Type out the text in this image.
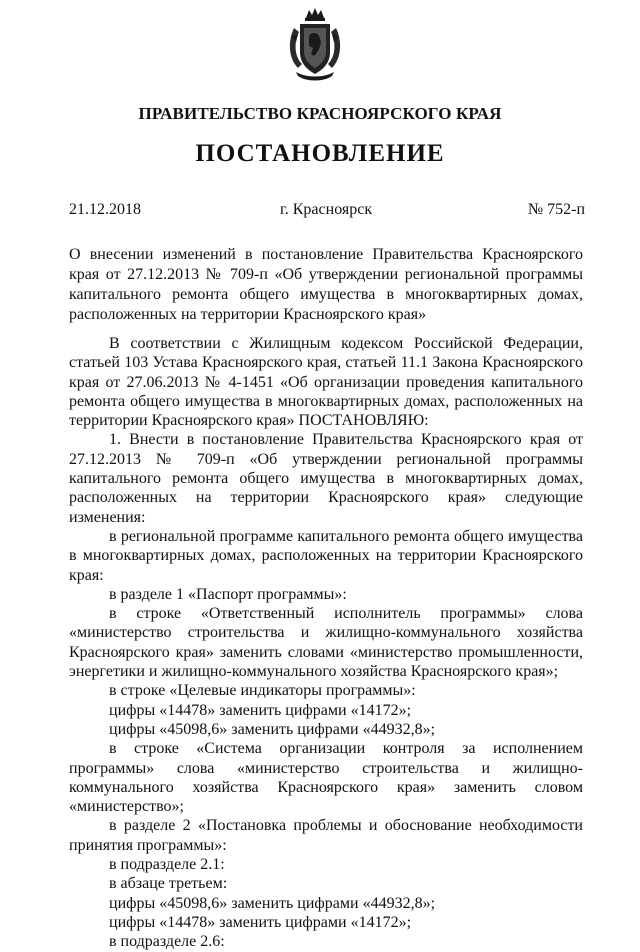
ПРАВИТЕЛЬСТВО КРАСНОЯРСКОГО КРАЯ
ПОСТАНОВЛЕНИЕ
21.12.2018	г. Красноярск	№ 752-п
О внесении изменений в постановление Правительства Красноярского края от 27.12.2013 № 709-п «Об утверждении региональной программы капитального ремонта общего имущества в многоквартирных домах, расположенных на территории Красноярского края»

В соответствии с Жилищным кодексом Российской Федерации, статьей 103 Устава Красноярского края, статьей 11.1 Закона Красноярского края от 27.06.2013 № 4-1451 «Об организации проведения капитального ремонта общего имущества в многоквартирных домах, расположенных на территории Красноярского края» ПОСТАНОВЛЯЮ:

1. Внести в постановление Правительства Красноярского края от 27.12.2013 № 709-п «Об утверждении региональной программы капитального ремонта общего имущества в многоквартирных домах, расположенных на территории Красноярского края» следующие изменения:

в региональной программе капитального ремонта общего имущества в многоквартирных домах, расположенных на территории Красноярского края:

в разделе 1 «Паспорт программы»:

в строке «Ответственный исполнитель программы» слова «министерство строительства и жилищно-коммунального хозяйства Красноярского края» заменить словами «министерство промышленности, энергетики и жилищно-коммунального хозяйства Красноярского края»;

в строке «Целевые индикаторы программы»:

цифры «14478» заменить цифрами «14172»;

цифры «45098,6» заменить цифрами «44932,8»;

в строке «Система организации контроля за исполнением программы» слова «министерство строительства и жилищно-коммунального хозяйства Красноярского края» заменить словом «министерство»;

в разделе 2 «Постановка проблемы и обоснование необходимости принятия программы»:

в подразделе 2.1:

в абзаце третьем:

цифры «45098,6» заменить цифрами «44932,8»;

цифры «14478» заменить цифрами «14172»;

в подразделе 2.6:
